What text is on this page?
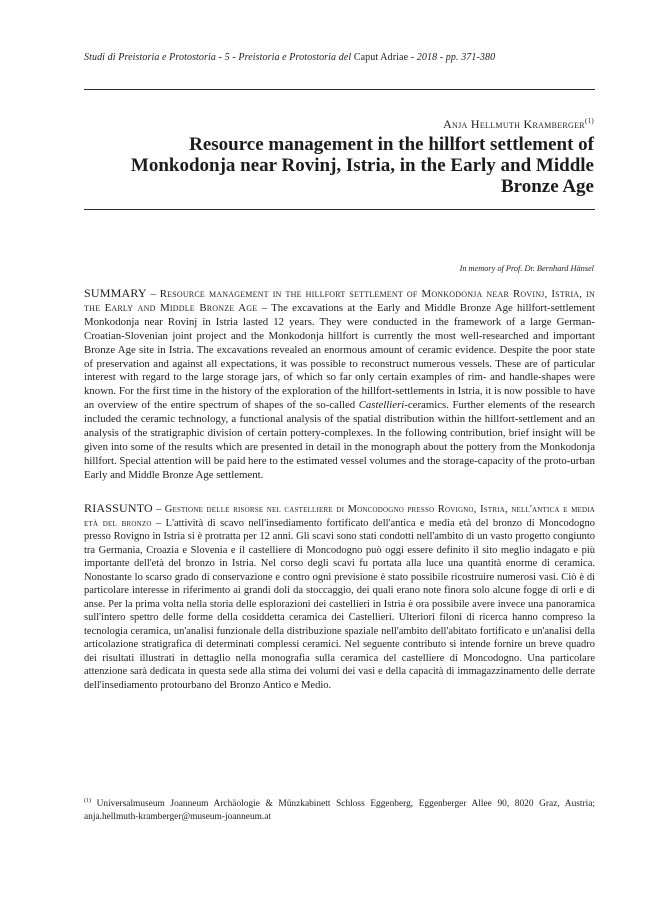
Studi di Preistoria e Protostoria - 5 - Preistoria e Protostoria del Caput Adriae - 2018 - pp. 371-380
Anja Hellmuth Kramberger$^{(1)}$
Resource management in the hillfort settlement of Monkodonja near Rovinj, Istria, in the Early and Middle Bronze Age
In memory of Prof. Dr. Bernhard Hänsel

SUMMARY – Resource management in the hillfort settlement of Monkodonja near Rovinj, Istria, in the Early and Middle Bronze Age – The excavations at the Early and Middle Bronze Age hillfort-settlement Monkodonja near Rovinj in Istria lasted 12 years. They were conducted in the framework of a large German-Croatian-Slovenian joint project and the Monkodonja hillfort is currently the most well-researched and important Bronze Age site in Istria. The excavations revealed an enormous amount of ceramic evidence. Despite the poor state of preservation and against all expectations, it was possible to reconstruct numerous vessels. These are of particular interest with regard to the large storage jars, of which so far only certain examples of rim- and handle-shapes were known. For the first time in the history of the exploration of the hillfort-settlements in Istria, it is now possible to have an overview of the entire spectrum of shapes of the so-called Castellieri-ceramics. Further elements of the research included the ceramic technology, a functional analysis of the spatial distribution within the hillfort-settlement and an analysis of the stratigraphic division of certain pottery-complexes. In the following contribution, brief insight will be given into some of the results which are presented in detail in the monograph about the pottery from the Monkodonja hillfort. Special attention will be paid here to the estimated vessel volumes and the storage-capacity of the proto-urban Early and Middle Bronze Age settlement.

RIASSUNTO – Gestione delle risorse nel castelliere di Moncodogno presso Rovigno, Istria, nell'antica e media età del bronzo – L'attività di scavo nell'insediamento fortificato dell'antica e media età del bronzo di Moncodogno presso Rovigno in Istria si è protratta per 12 anni. Gli scavi sono stati condotti nell'ambito di un vasto progetto congiunto tra Germania, Croazia e Slovenia e il castelliere di Moncodogno può oggi essere definito il sito meglio indagato e più importante dell'età del bronzo in Istria. Nel corso degli scavi fu portata alla luce una quantità enorme di ceramica. Nonostante lo scarso grado di conservazione e contro ogni previsione è stato possibile ricostruire numerosi vasi. Ciò è di particolare interesse in riferimento ai grandi doli da stoccaggio, dei quali erano note finora solo alcune fogge di orli e di anse. Per la prima volta nella storia delle esplorazioni dei castellieri in Istria è ora possibile avere invece una panoramica sull'intero spettro delle forme della cosiddetta ceramica dei Castellieri. Ulteriori filoni di ricerca hanno compreso la tecnologia ceramica, un'analisi funzionale della distribuzione spaziale nell'ambito dell'abitato fortificato e un'analisi della articolazione stratigrafica di determinati complessi ceramici. Nel seguente contributo si intende fornire un breve quadro dei risultati illustrati in dettaglio nella monografia sulla ceramica del castelliere di Moncodogno. Una particolare attenzione sarà dedicata in questa sede alla stima dei volumi dei vasi e della capacità di immagazzinamento delle derrate dell'insediamento protourbano del Bronzo Antico e Medio.

$^{(1)}$ Universalmuseum Joanneum Archäologie & Münzkabinett Schloss Eggenberg, Eggenberger Allee 90, 8020 Graz, Austria; anja.hellmuth-kramberger@museum-joanneum.at
